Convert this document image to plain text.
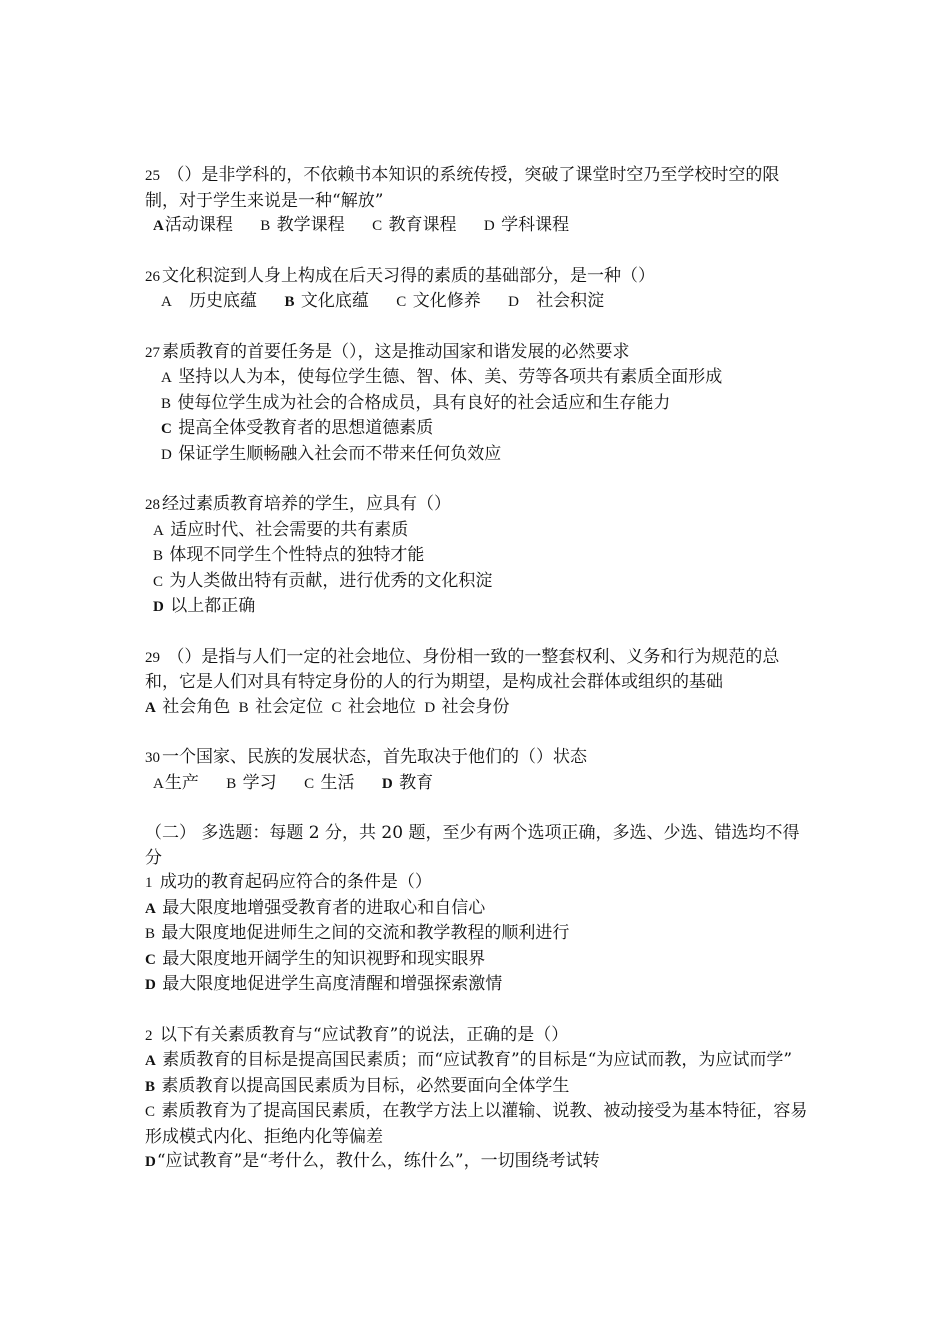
25 （）是非学科的，不依赖书本知识的系统传授，突破了课堂时空乃至学校时空的限制，对于学生来说是一种“解放”
A活动课程 B 教学课程 C 教育课程 D 学科课程
26 文化积淀到人身上构成在后天习得的素质的基础部分，是一种（）
A 历史底蕴 B 文化底蕴 C 文化修养 D 社会积淀
27 素质教育的首要任务是（），这是推动国家和谐发展的必然要求
A 坚持以人为本，使每位学生德、智、体、美、劳等各项共有素质全面形成
B 使每位学生成为社会的合格成员，具有良好的社会适应和生存能力
C 提高全体受教育者的思想道德素质
D 保证学生顺畅融入社会而不带来任何负效应
28 经过素质教育培养的学生，应具有（）
A 适应时代、社会需要的共有素质
B 体现不同学生个性特点的独特才能
C 为人类做出特有贡献，进行优秀的文化积淀
D 以上都正确
29 （）是指与人们一定的社会地位、身份相一致的一整套权利、义务和行为规范的总和，它是人们对具有特定身份的人的行为期望，是构成社会群体或组织的基础
A 社会角色 B 社会定位 C 社会地位 D 社会身份
30 一个国家、民族的发展状态，首先取决于他们的（）状态
A生产 B 学习 C 生活 D 教育
（二） 多选题：每题 2 分，共 20 题，至少有两个选项正确，多选、少选、错选均不得分
1 成功的教育起码应符合的条件是（）
A 最大限度地增强受教育者的进取心和自信心
B 最大限度地促进师生之间的交流和教学教程的顺利进行
C 最大限度地开阔学生的知识视野和现实眼界
D 最大限度地促进学生高度清醒和增强探索激情
2 以下有关素质教育与“应试教育”的说法，正确的是（）
A 素质教育的目标是提高国民素质；而“应试教育”的目标是“为应试而教，为应试而学”
B 素质教育以提高国民素质为目标，必然要面向全体学生
C 素质教育为了提高国民素质，在教学方法上以灌输、说教、被动接受为基本特征，容易形成模式内化、拒绝内化等偏差
D“应试教育”是“考什么，教什么，练什么”，一切围绕考试转
